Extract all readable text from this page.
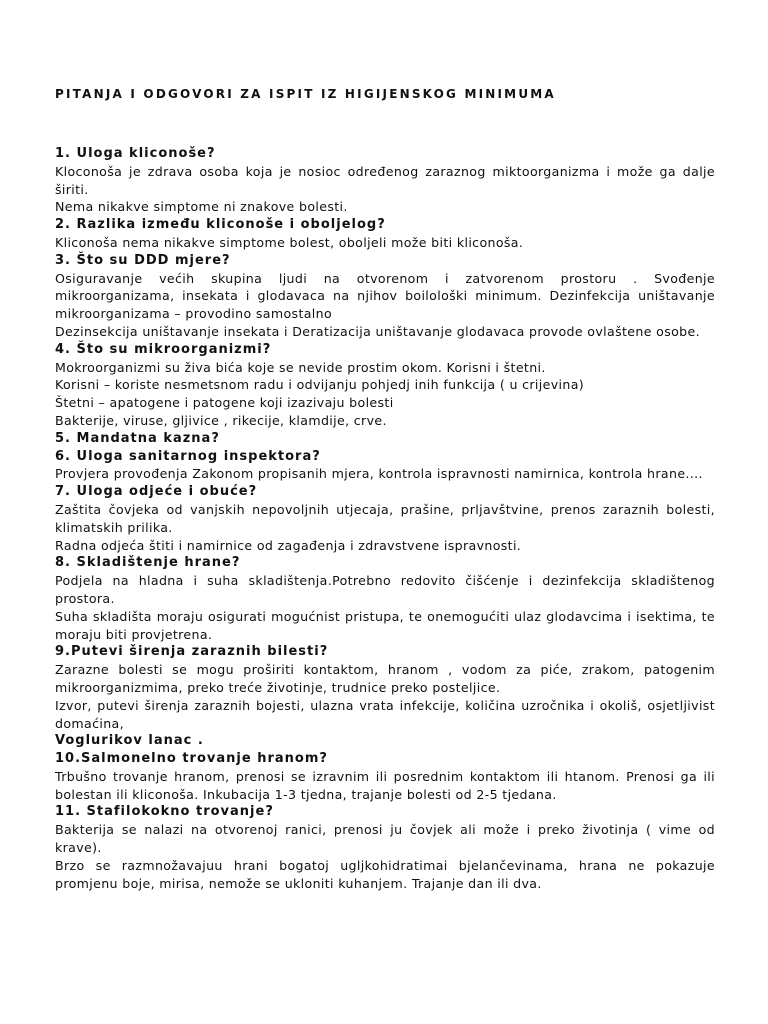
PITANJA I ODGOVORI ZA ISPIT IZ HIGIJENSKOG MINIMUMA
1. Uloga kliconoše?

Kloconoša je zdrava osoba koja je nosioc određenog zaraznog miktoorganizma i može ga dalje širiti.

Nema nikakve simptome ni znakove bolesti.

2. Razlika između kliconoše i oboljelog?

Kliconoša nema nikakve simptome bolest, oboljeli može biti kliconoša.

3. Što su DDD mjere?

Osiguravanje većih skupina ljudi na otvorenom i zatvorenom prostoru . Svođenje mikroorganizama, insekata i glodavaca na njihov boilološki minimum. Dezinfekcija uništavanje mikroorganizama – provodino samostalno

Dezinsekcija uništavanje insekata i Deratizacija uništavanje glodavaca provode ovlaštene osobe.

4. Što su mikroorganizmi?

Mokroorganizmi su živa bića koje se nevide prostim okom. Korisni i štetni.

Korisni – koriste nesmetsnom radu i odvijanju pohjedj inih funkcija ( u crijevina)

Štetni – apatogene i patogene koji izazivaju bolesti

Bakterije, viruse, gljivice , rikecije, klamdije, crve.

5. Mandatna kazna?
6. Uloga sanitarnog inspektora?

Provjera provođenja Zakonom propisanih mjera, kontrola ispravnosti namirnica, kontrola hrane....

7. Uloga odjeće i obuće?

Zaštita čovjeka od vanjskih nepovoljnih utjecaja, prašine, prljavštvine, prenos zaraznih bolesti, klimatskih prilika.

Radna odjeća štiti i namirnice od zagađenja i zdravstvene ispravnosti.

8. Skladištenje hrane?

Podjela na hladna i suha skladištenja.Potrebno redovito čišćenje i dezinfekcija skladištenog prostora.

Suha skladišta moraju osigurati mogućnist pristupa, te onemogućiti ulaz glodavcima i isektima, te moraju biti provjetrena.

9.Putevi širenja zaraznih bilesti?

Zarazne bolesti se mogu proširiti kontaktom, hranom , vodom za piće, zrakom, patogenim mikroorganizmima, preko treće životinje, trudnice preko posteljice.

Izvor, putevi širenja zaraznih bojesti, ulazna vrata infekcije, količina uzročnika i okoliš, osjetljivist domaćina,

Voglurikov lanac .
10.Salmonelno trovanje hranom?

Trbušno trovanje hranom, prenosi se izravnim ili posrednim kontaktom ili htanom. Prenosi ga ili bolestan ili kliconoša. Inkubacija 1-3 tjedna, trajanje bolesti od 2-5 tjedana.

11. Stafilokokno trovanje?

Bakterija se nalazi na otvorenoj ranici, prenosi ju čovjek ali može i preko životinja ( vime od krave).

Brzo se razmnožavajuu hrani bogatoj ugljkohidratimai bjelančevinama, hrana ne pokazuje promjenu boje, mirisa, nemože se ukloniti kuhanjem. Trajanje dan ili dva.
